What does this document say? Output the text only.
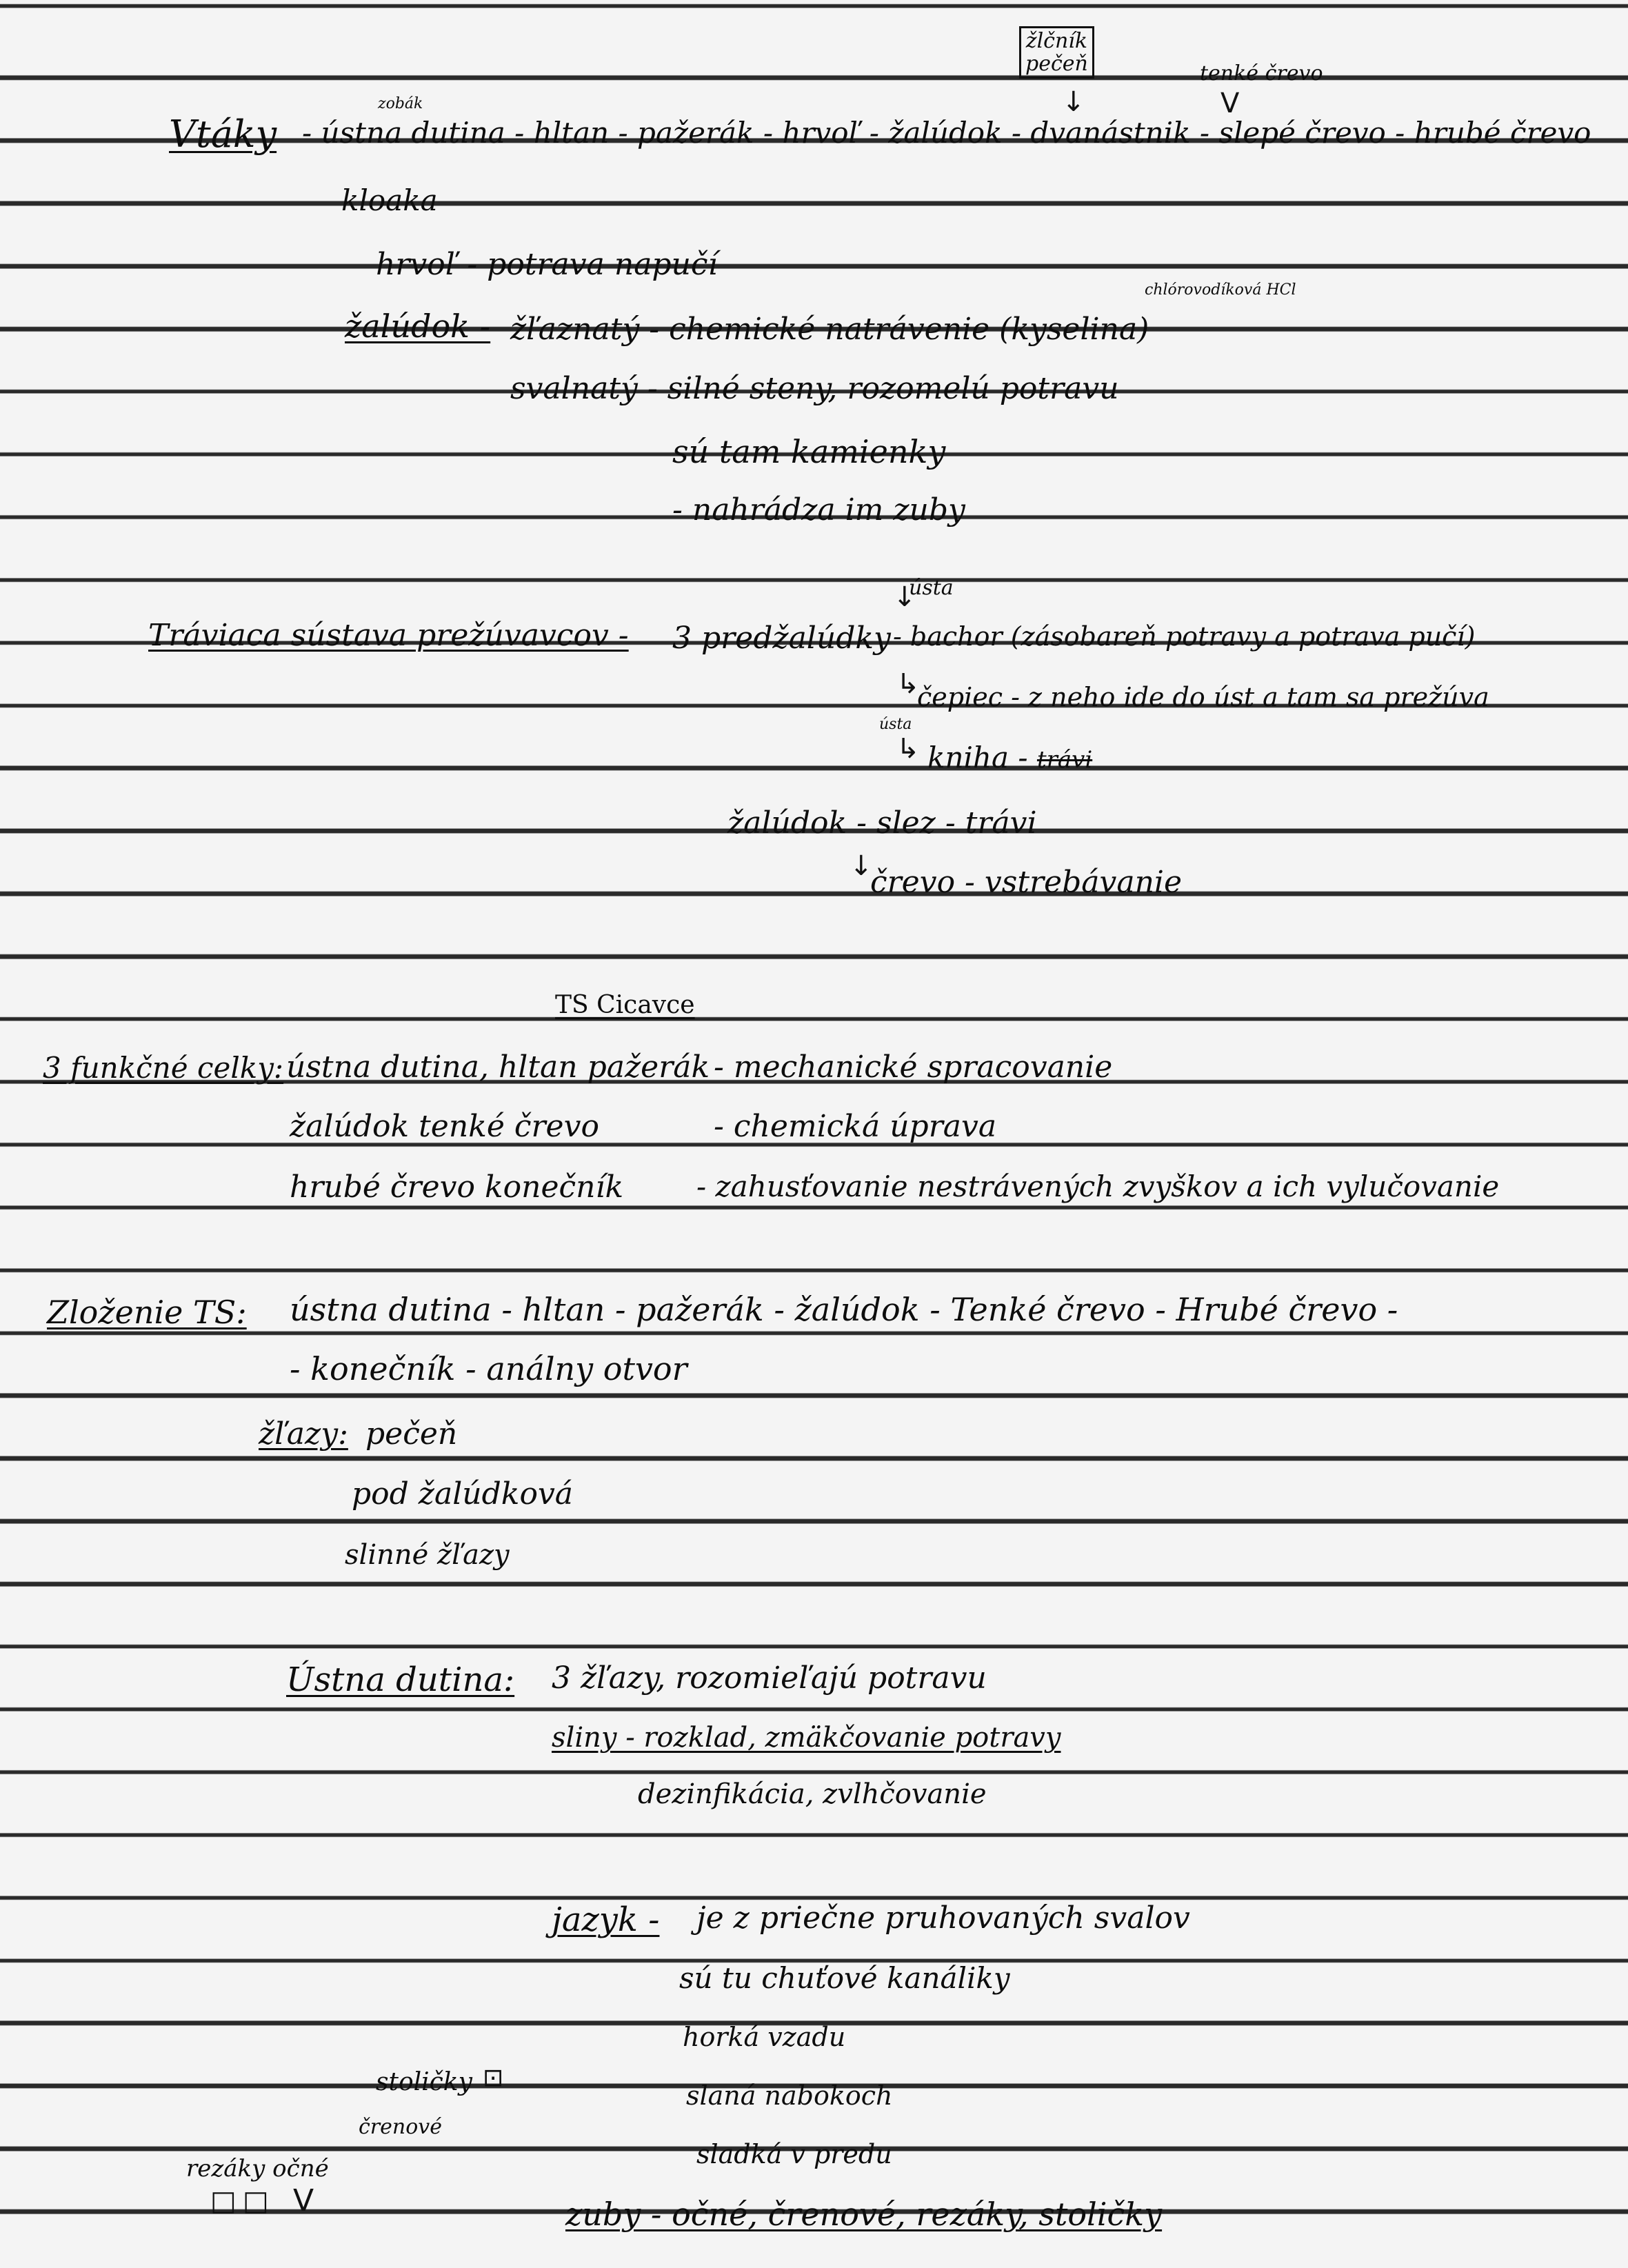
žlčník
pečeň
↓
tenké črevo
V
zobák
Vtáky - ústna dutina - hltan - pažerák - hrvoľ - žalúdok - dvanástnik - slepé črevo - hrubé črevo
kloaka
hrvoľ - potrava napučí
žalúdok - žľaznatý - chemické natrávenie (kyselina)
chlórovodíková HCl
svalnatý - silné steny, rozomelú potravu
sú tam kamienky
- nahrádza im zuby
ústa
↓
Tráviaca sústava prežúvavcov - 3 predžalúdky - bachor (zásobareň potravy a potrava pučí)
↳
čepiec - z neho ide do úst a tam sa prežúva
ústa
↳ kniha - trávi
žalúdok - slez - trávi
↓
črevo - vstrebávanie
TS Cicavce
3 funkčné celky: ústna dutina, hltan pažerák - mechanické spracovanie
žalúdok tenké črevo	- chemická úprava
hrubé črevo konečník	- zahusťovanie nestrávených zvyškov a ich vylučovanie
Zloženie TS: ústna dutina - hltan - pažerák - žalúdok - Tenké črevo - Hrubé črevo -
- konečník - análny otvor
žľazy: pečeň
pod žalúdková
slinné žľazy
Ústna dutina: 3 žľazy, rozomieľajú potravu
sliny - rozklad, zmäkčovanie potravy
dezinfikácia, zvlhčovanie
jazyk - je z priečne pruhovaných svalov
sú tu chuťové kanáliky
horká vzadu
slaná nabokoch
sladká v predu
stoličky ⊡
črenové
rezáky očné
□ □ V	zuby - očné, črenové, rezáky, stoličky
